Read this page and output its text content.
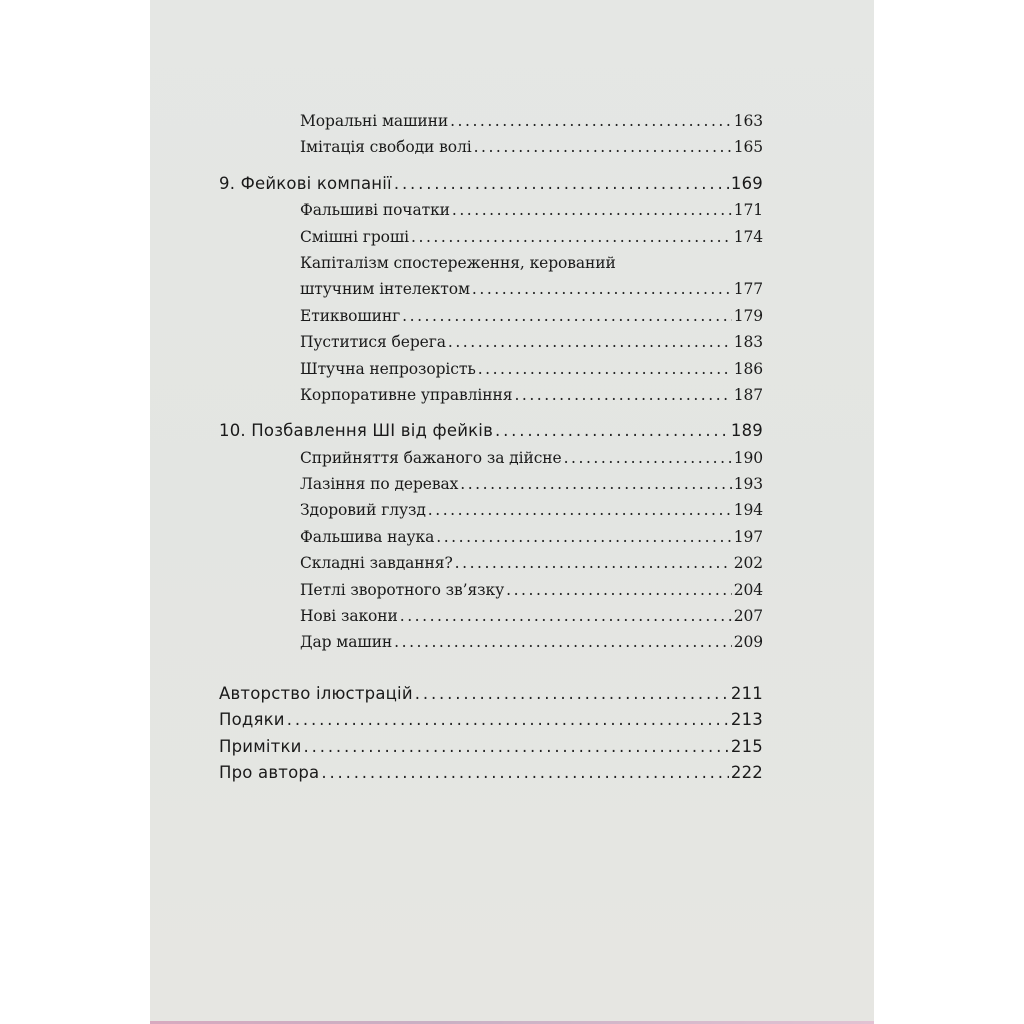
Моральні машини . . .	163
Імітація свободи волі . . .	165
9. Фейкові компанії . . .	169
Фальшиві початки . . .	171
Смішні гроші . . .	174
Капіталізм спостереження, керований
штучним інтелектом . . .	177
Етиквошинг . . .	179
Пуститися берега . . .	183
Штучна непрозорість . . .	186
Корпоративне управління . . .	187
10. Позбавлення ШІ від фейків . . .	189
Сприйняття бажаного за дійсне . . .	190
Лазіння по деревах . . .	193
Здоровий глузд . . .	194
Фальшива наука . . .	197
Складні завдання? . . .	202
Петлі зворотного зв’язку . . .	204
Нові закони . . .	207
Дар машин . . .	209
Авторство ілюстрацій . . .	211
Подяки . . .	213
Примітки . . .	215
Про автора . . .	222
